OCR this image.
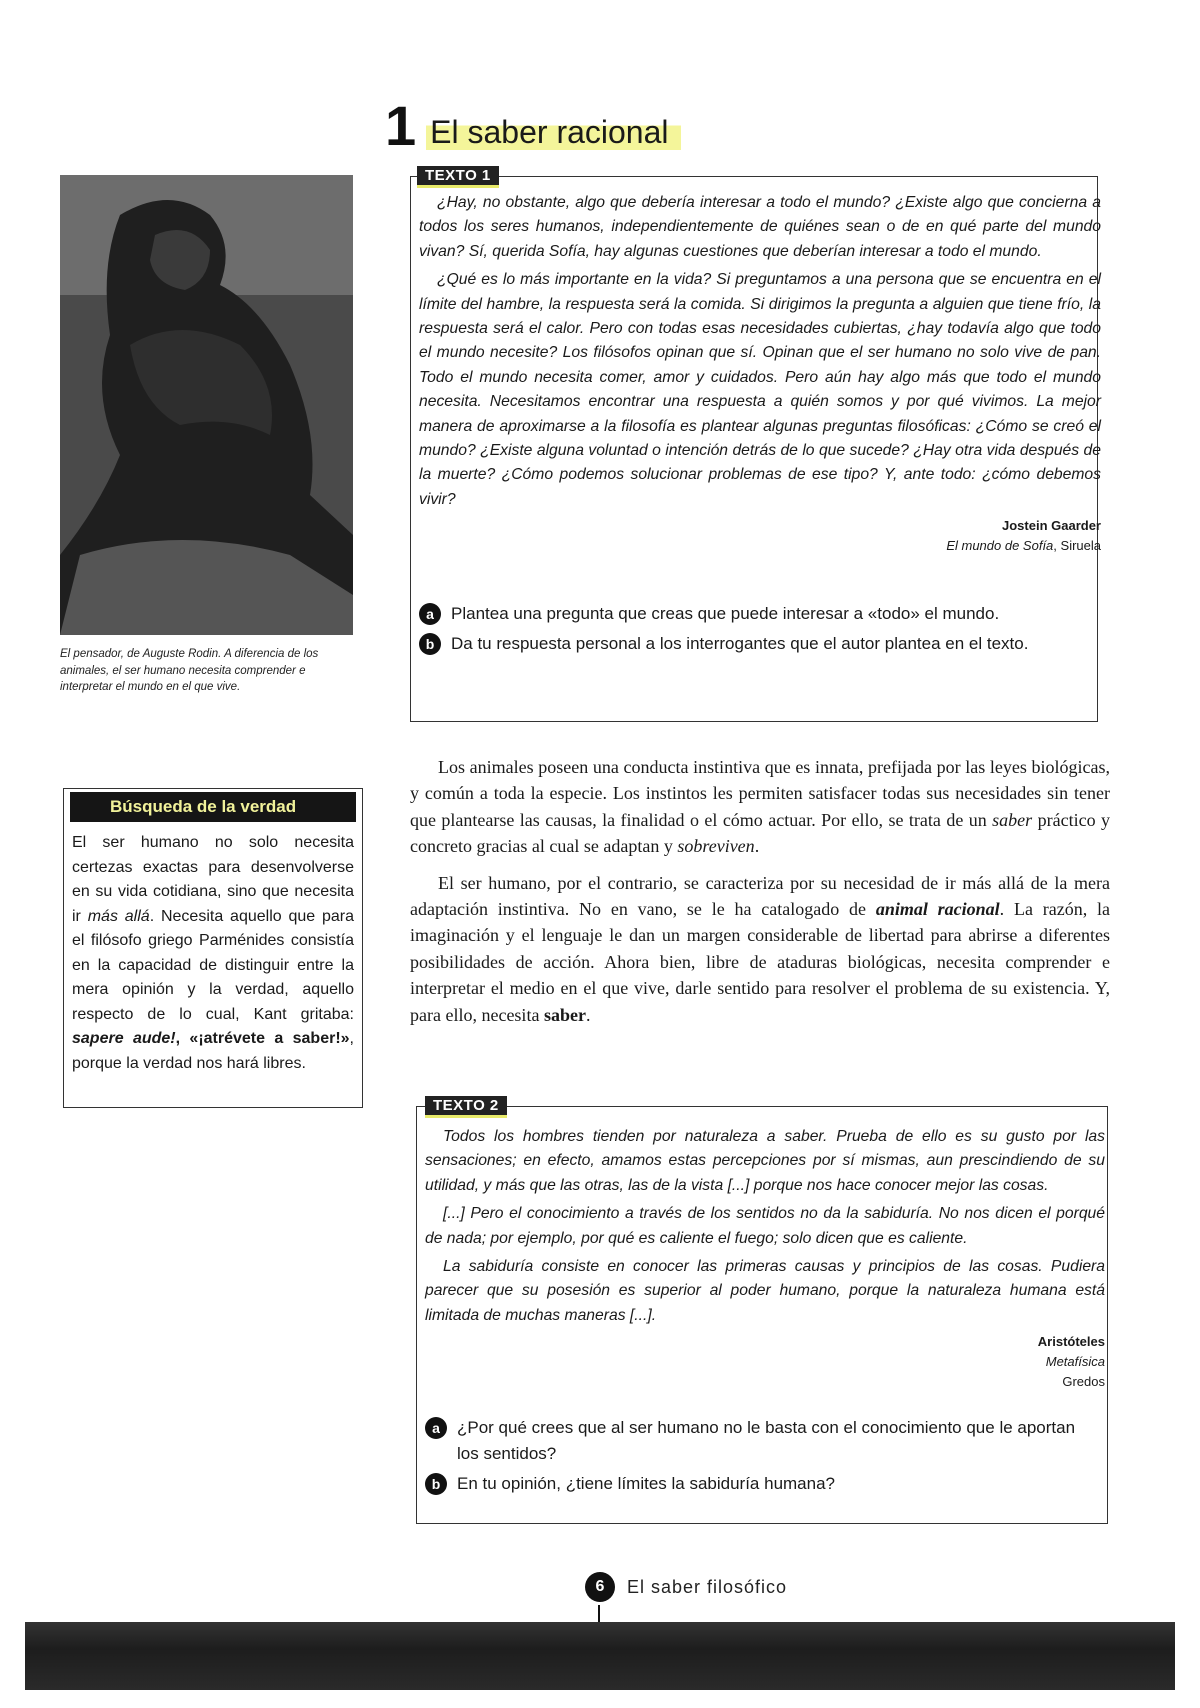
1 El saber racional
El pensador, de Auguste Rodin. A diferencia de los animales, el ser humano necesita comprender e interpretar el mundo en el que vive.
TEXTO 1

¿Hay, no obstante, algo que debería interesar a todo el mundo? ¿Existe algo que concierna a todos los seres humanos, independientemente de quiénes sean o de en qué parte del mundo vivan? Sí, querida Sofía, hay algunas cuestiones que deberían interesar a todo el mundo.

¿Qué es lo más importante en la vida? Si preguntamos a una persona que se encuentra en el límite del hambre, la respuesta será la comida. Si dirigimos la pregunta a alguien que tiene frío, la respuesta será el calor. Pero con todas esas necesidades cubiertas, ¿hay todavía algo que todo el mundo necesite? Los filósofos opinan que sí. Opinan que el ser humano no solo vive de pan. Todo el mundo necesita comer, amor y cuidados. Pero aún hay algo más que todo el mundo necesita. Necesitamos encontrar una respuesta a quién somos y por qué vivimos. La mejor manera de aproximarse a la filosofía es plantear algunas preguntas filosóficas: ¿Cómo se creó el mundo? ¿Existe alguna voluntad o intención detrás de lo que sucede? ¿Hay otra vida después de la muerte? ¿Cómo podemos solucionar problemas de ese tipo? Y, ante todo: ¿cómo debemos vivir?

Jostein Gaarder
El mundo de Sofía, Siruela
a	Plantea una pregunta que creas que puede interesar a «todo» el mundo.
b Da tu respuesta personal a los interrogantes que el autor plantea en el texto.
Búsqueda de la verdad
El ser humano no solo necesita certezas exactas para desenvolverse en su vida cotidiana, sino que necesita ir más allá. Necesita aquello que para el filósofo griego Parménides consistía en la capacidad de distinguir entre la mera opinión y la verdad, aquello respecto de lo cual, Kant gritaba: sapere aude!, «¡atrévete a saber!», porque la verdad nos hará libres.

Los animales poseen una conducta instintiva que es innata, prefijada por las leyes biológicas, y común a toda la especie. Los instintos les permiten satisfacer todas sus necesidades sin tener que plantearse las causas, la finalidad o el cómo actuar. Por ello, se trata de un saber práctico y concreto gracias al cual se adaptan y sobreviven.

El ser humano, por el contrario, se caracteriza por su necesidad de ir más allá de la mera adaptación instintiva. No en vano, se le ha catalogado de animal racional. La razón, la imaginación y el lenguaje le dan un margen considerable de libertad para abrirse a diferentes posibilidades de acción. Ahora bien, libre de ataduras biológicas, necesita comprender e interpretar el medio en el que vive, darle sentido para resolver el problema de su existencia. Y, para ello, necesita saber.

TEXTO 2

Todos los hombres tienden por naturaleza a saber. Prueba de ello es su gusto por las sensaciones; en efecto, amamos estas percepciones por sí mismas, aun prescindiendo de su utilidad, y más que las otras, las de la vista [...] porque nos hace conocer mejor las cosas.

[...] Pero el conocimiento a través de los sentidos no da la sabiduría. No nos dicen el porqué de nada; por ejemplo, por qué es caliente el fuego; solo dicen que es caliente.

La sabiduría consiste en conocer las primeras causas y principios de las cosas. Pudiera parecer que su posesión es superior al poder humano, porque la naturaleza humana está limitada de muchas maneras [...].

Aristóteles
Metafísica
Gredos
a	¿Por qué crees que al ser humano no le basta con el conocimiento que le aportan los sentidos?
b En tu opinión, ¿tiene límites la sabiduría humana?
6	El saber filosófico
